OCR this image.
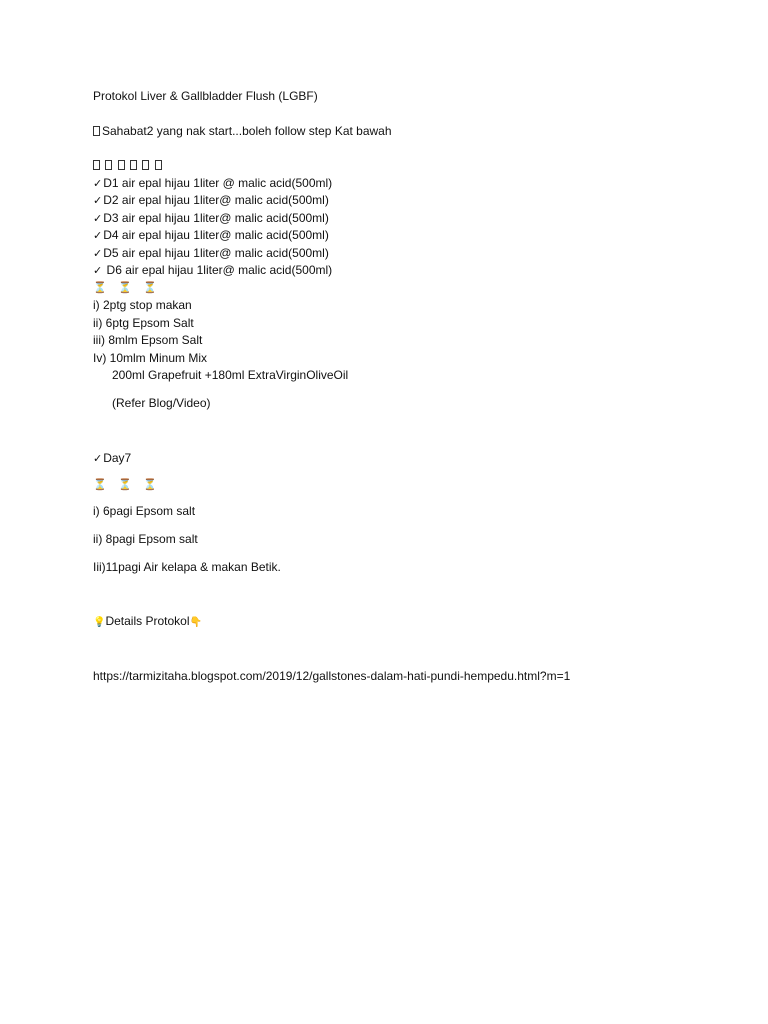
Protokol Liver & Gallbladder Flush (LGBF)
Sahabat2 yang nak start...boleh follow step Kat bawah

✓D1 air epal hijau 1liter @ malic acid(500ml)
✓D2 air epal hijau 1liter@ malic acid(500ml)
✓D3 air epal hijau 1liter@ malic acid(500ml)
✓D4 air epal hijau 1liter@ malic acid(500ml)
✓D5 air epal hijau 1liter@ malic acid(500ml)
✓ D6 air epal hijau 1liter@ malic acid(500ml)
⏳ ⏳ ⏳
i) 2ptg stop makan
ii) 6ptg Epsom Salt
iii) 8mlm Epsom Salt
Iv) 10mlm Minum Mix
200ml Grapefruit +180ml ExtraVirginOliveOil
(Refer Blog/Video)
✓Day7
⏳ ⏳ ⏳
i) 6pagi Epsom salt
ii) 8pagi Epsom salt
Iii)11pagi Air kelapa & makan Betik.
💡Details Protokol👇
https://tarmizitaha.blogspot.com/2019/12/gallstones-dalam-hati-pundi-hempedu.html?m=1
